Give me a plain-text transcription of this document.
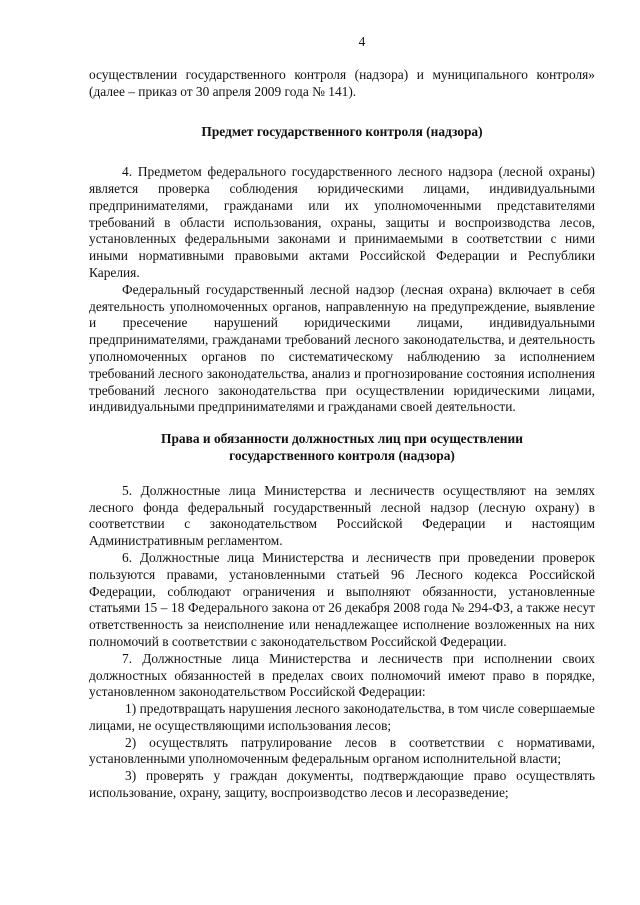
4

осуществлении государственного контроля (надзора) и муниципального контроля» (далее – приказ от 30 апреля 2009 года № 141).

Предмет государственного контроля (надзора)

4. Предметом федерального государственного лесного надзора (лесной охраны) является проверка соблюдения юридическими лицами, индивидуальными предпринимателями, гражданами или их уполномоченными представителями требований в области использования, охраны, защиты и воспроизводства лесов, установленных федеральными законами и принимаемыми в соответствии с ними иными нормативными правовыми актами Российской Федерации и Республики Карелия.

Федеральный государственный лесной надзор (лесная охрана) включает в себя деятельность уполномоченных органов, направленную на предупреждение, выявление и пресечение нарушений юридическими лицами, индивидуальными предпринимателями, гражданами требований лесного законодательства, и деятельность уполномоченных органов по систематическому наблюдению за исполнением требований лесного законодательства, анализ и прогнозирование состояния исполнения требований лесного законодательства при осуществлении юридическими лицами, индивидуальными предпринимателями и гражданами своей деятельности.

Права и обязанности должностных лиц при осуществлении
государственного контроля (надзора)

5. Должностные лица Министерства и лесничеств осуществляют на землях лесного фонда федеральный государственный лесной надзор (лесную охрану) в соответствии с законодательством Российской Федерации и настоящим Административным регламентом.

6. Должностные лица Министерства и лесничеств при проведении проверок пользуются правами, установленными статьей 96 Лесного кодекса Российской Федерации, соблюдают ограничения и выполняют обязанности, установленные статьями 15 – 18 Федерального закона от 26 декабря 2008 года № 294-ФЗ, а также несут ответственность за неисполнение или ненадлежащее исполнение возложенных на них полномочий в соответствии с законодательством Российской Федерации.

7. Должностные лица Министерства и лесничеств при исполнении своих должностных обязанностей в пределах своих полномочий имеют право в порядке, установленном законодательством Российской Федерации:

1) предотвращать нарушения лесного законодательства, в том числе совершаемые лицами, не осуществляющими использования лесов;

2) осуществлять патрулирование лесов в соответствии с нормативами, установленными уполномоченным федеральным органом исполнительной власти;

3) проверять у граждан документы, подтверждающие право осуществлять использование, охрану, защиту, воспроизводство лесов и лесоразведение;
